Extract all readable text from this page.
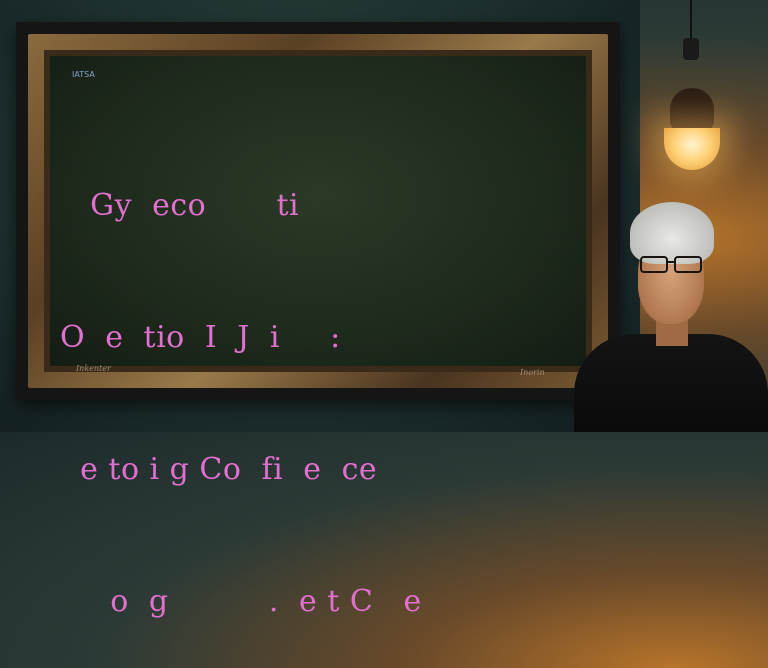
IATSA

Gy  eco       ti

O  e  tio  I  J  i     :

e to i g Co  fi  e  ce

o  g          .  e t C   e

Inkenter	Inorin
